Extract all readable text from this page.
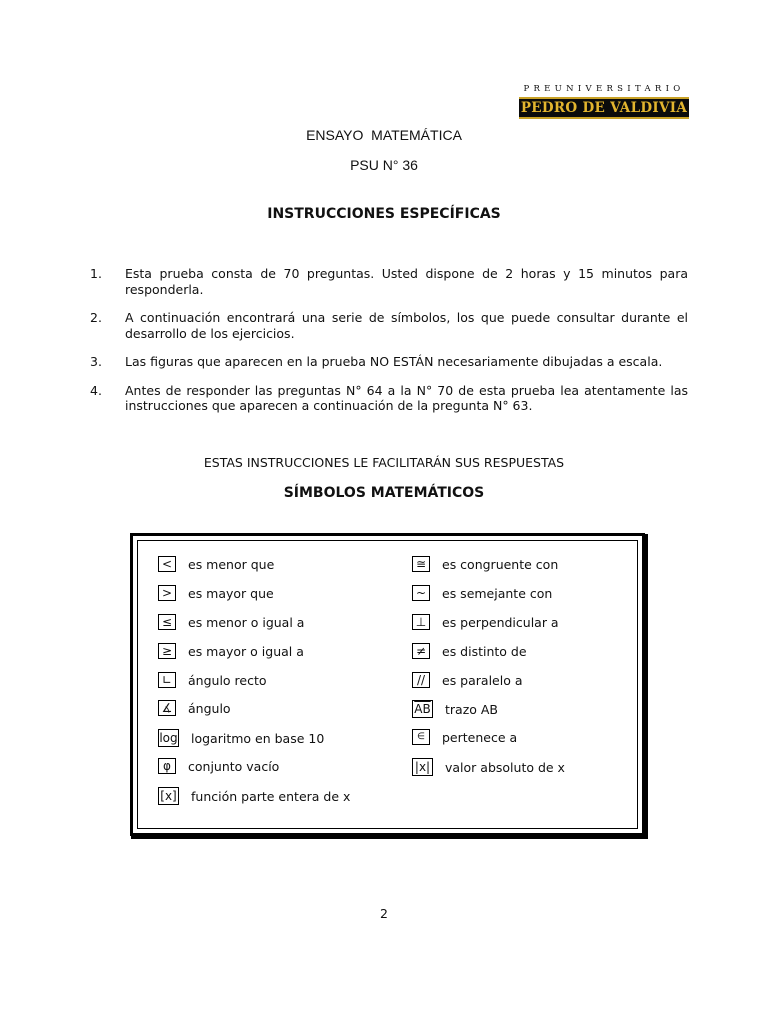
PREUNIVERSITARIO
PEDRO DE VALDIVIA
ENSAYO  MATEMÁTICA
PSU N° 36
INSTRUCCIONES ESPECÍFICAS
1.	Esta prueba consta de 70 preguntas. Usted dispone de 2 horas y 15 minutos para responderla.
2.	A continuación encontrará una serie de símbolos, los que puede consultar durante el desarrollo de los ejercicios.
3.	Las figuras que aparecen en la prueba NO ESTÁN necesariamente dibujadas a escala.
4.	Antes de responder las preguntas N° 64 a la N° 70 de esta prueba lea atentamente las instrucciones que aparecen a continuación de la pregunta N° 63.
ESTAS INSTRUCCIONES LE FACILITARÁN SUS RESPUESTAS
SÍMBOLOS MATEMÁTICOS
<	es menor que
>	es mayor que
≤	es menor o igual a
≥	es mayor o igual a
∟	ángulo recto
∡ ángulo
log logaritmo en base 10
φ	conjunto vacío
[x] función parte entera de x
≅	es congruente con
~	es semejante con
⊥	es perpendicular a
≠	es distinto de
//	es paralelo a
$\overline{AB}$ trazo AB
∈	pertenece a
|x| valor absoluto de x
2
